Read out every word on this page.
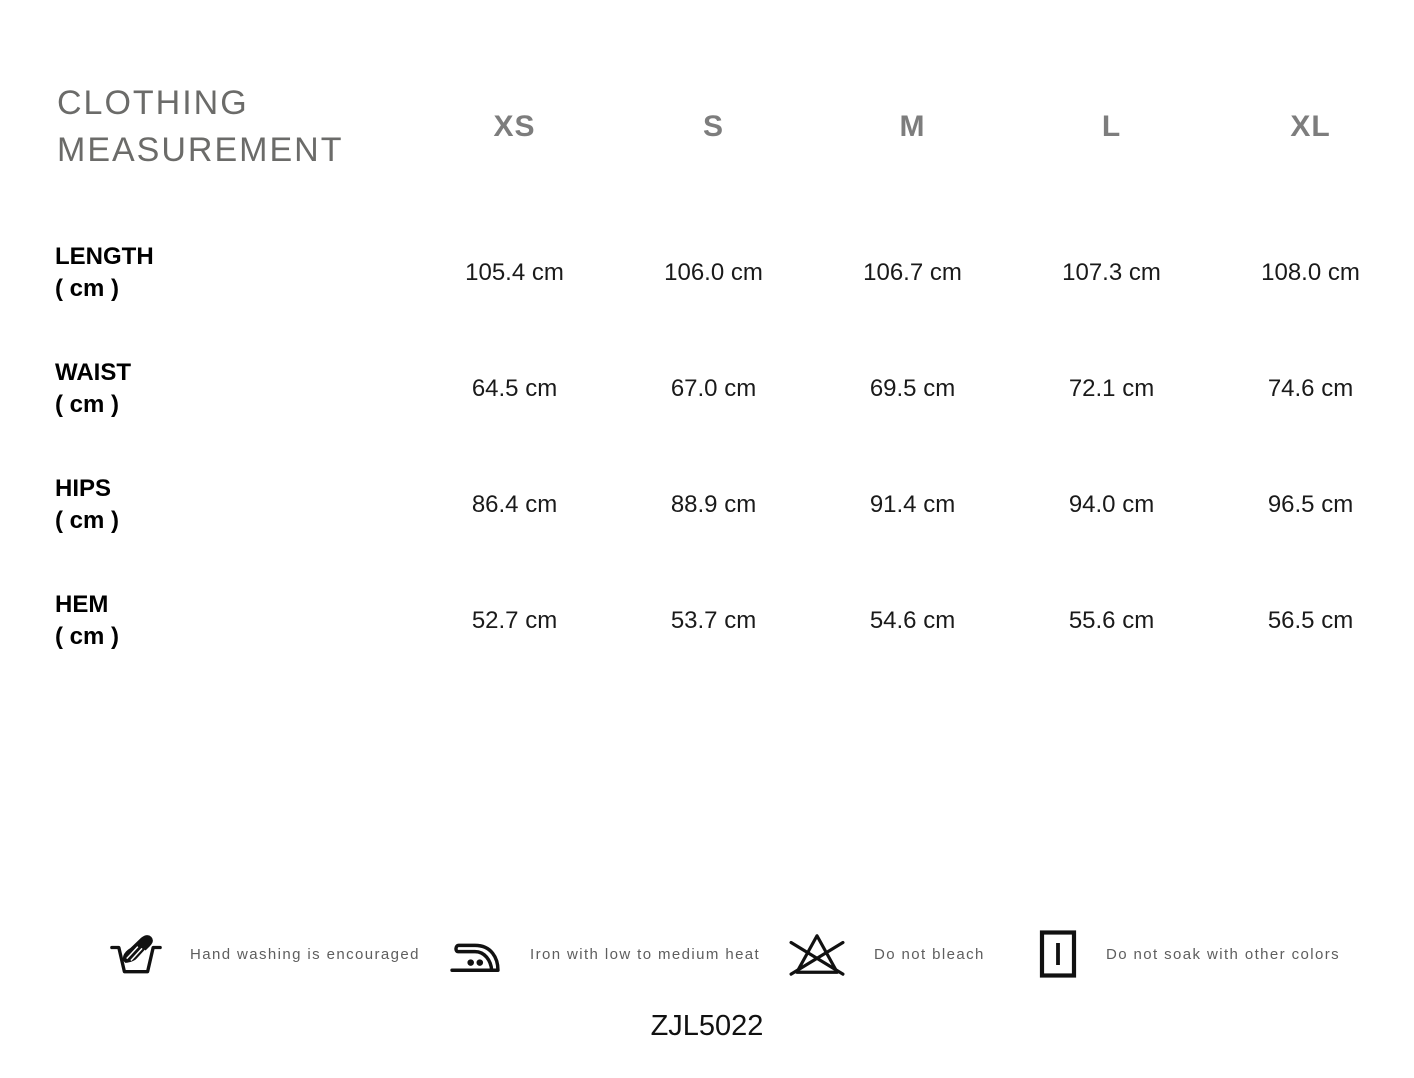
CLOTHING
MEASUREMENT
XS	S	M	L	XL
LENGTH
( cm )
105.4 cm	106.0 cm	106.7 cm	107.3 cm	108.0 cm
WAIST
( cm )
64.5 cm	67.0 cm	69.5 cm	72.1 cm	74.6 cm
HIPS
( cm )
86.4 cm	88.9 cm	91.4 cm	94.0 cm	96.5 cm
HEM
( cm )
52.7 cm	53.7 cm	54.6 cm	55.6 cm	56.5 cm
Hand washing is encouraged	Iron with low to medium heat	Do not bleach	Do not soak with other colors
ZJL5022
